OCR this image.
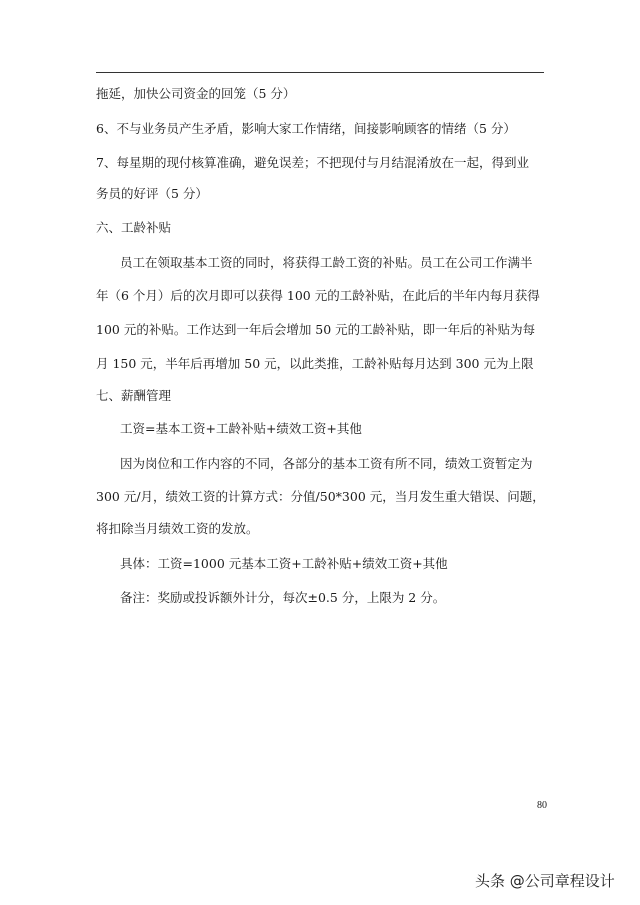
拖延，加快公司资金的回笼（5 分）
6、不与业务员产生矛盾，影响大家工作情绪，间接影响顾客的情绪（5 分）
7、每星期的现付核算准确，避免误差；不把现付与月结混淆放在一起，得到业
务员的好评（5 分）
六、工龄补贴
员工在领取基本工资的同时，将获得工龄工资的补贴。员工在公司工作满半
年（6 个月）后的次月即可以获得 100 元的工龄补贴，在此后的半年内每月获得
100 元的补贴。工作达到一年后会增加 50 元的工龄补贴，即一年后的补贴为每
月 150 元，半年后再增加 50 元，以此类推，工龄补贴每月达到 300 元为上限
七、薪酬管理
工资=基本工资+工龄补贴+绩效工资+其他
因为岗位和工作内容的不同，各部分的基本工资有所不同，绩效工资暂定为
300 元/月，绩效工资的计算方式：分值/50*300 元，当月发生重大错误、问题，
将扣除当月绩效工资的发放。
具体：工资=1000 元基本工资+工龄补贴+绩效工资+其他
备注：奖励或投诉额外计分，每次±0.5 分，上限为 2 分。
80
头条 @公司章程设计
